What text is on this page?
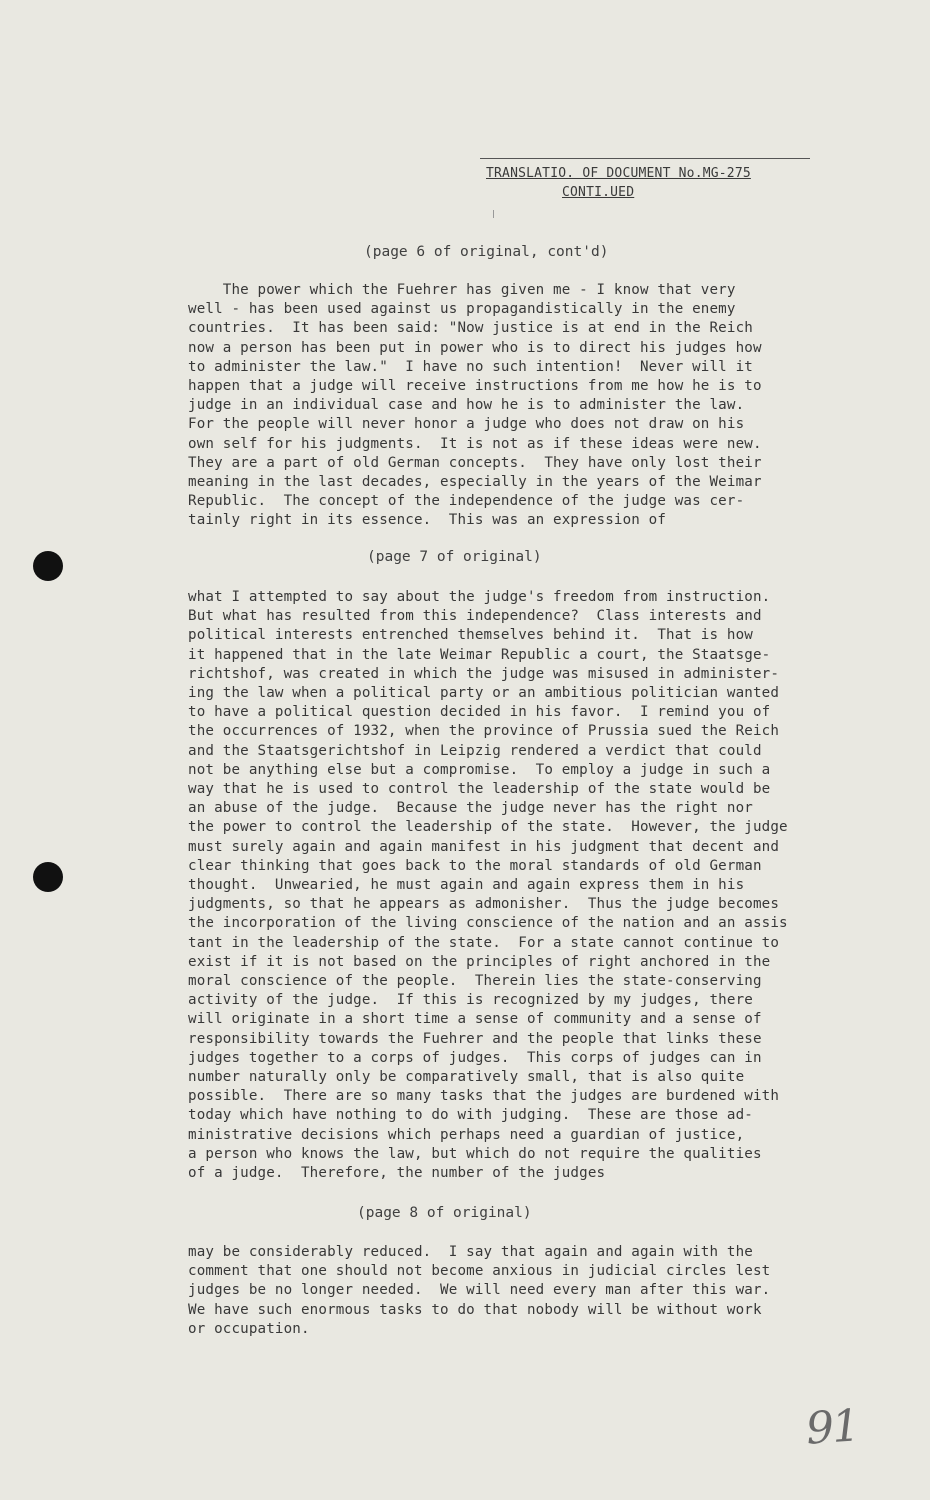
TRANSLATIO. OF DOCUMENT No.MG-275
CONTI.UED
(page 6 of original, cont'd)
The power which the Fuehrer has given me - I know that very
well - has been used against us propagandistically in the enemy
countries.  It has been said: "Now justice is at end in the Reich
now a person has been put in power who is to direct his judges how
to administer the law."  I have no such intention!  Never will it
happen that a judge will receive instructions from me how he is to
judge in an individual case and how he is to administer the law.
For the people will never honor a judge who does not draw on his
own self for his judgments.  It is not as if these ideas were new.
They are a part of old German concepts.  They have only lost their
meaning in the last decades, especially in the years of the Weimar
Republic.  The concept of the independence of the judge was cer-
tainly right in its essence.  This was an expression of
(page 7 of original)
what I attempted to say about the judge's freedom from instruction.
But what has resulted from this independence?  Class interests and
political interests entrenched themselves behind it.  That is how
it happened that in the late Weimar Republic a court, the Staatsge-
richtshof, was created in which the judge was misused in administer-
ing the law when a political party or an ambitious politician wanted
to have a political question decided in his favor.  I remind you of
the occurrences of 1932, when the province of Prussia sued the Reich
and the Staatsgerichtshof in Leipzig rendered a verdict that could
not be anything else but a compromise.  To employ a judge in such a
way that he is used to control the leadership of the state would be
an abuse of the judge.  Because the judge never has the right nor
the power to control the leadership of the state.  However, the judge
must surely again and again manifest in his judgment that decent and
clear thinking that goes back to the moral standards of old German
thought.  Unwearied, he must again and again express them in his
judgments, so that he appears as admonisher.  Thus the judge becomes
the incorporation of the living conscience of the nation and an assis
tant in the leadership of the state.  For a state cannot continue to
exist if it is not based on the principles of right anchored in the
moral conscience of the people.  Therein lies the state-conserving
activity of the judge.  If this is recognized by my judges, there
will originate in a short time a sense of community and a sense of
responsibility towards the Fuehrer and the people that links these
judges together to a corps of judges.  This corps of judges can in
number naturally only be comparatively small, that is also quite
possible.  There are so many tasks that the judges are burdened with
today which have nothing to do with judging.  These are those ad-
ministrative decisions which perhaps need a guardian of justice,
a person who knows the law, but which do not require the qualities
of a judge.  Therefore, the number of the judges
(page 8 of original)
may be considerably reduced.  I say that again and again with the
comment that one should not become anxious in judicial circles lest
judges be no longer needed.  We will need every man after this war.
We have such enormous tasks to do that nobody will be without work
or occupation.
91
